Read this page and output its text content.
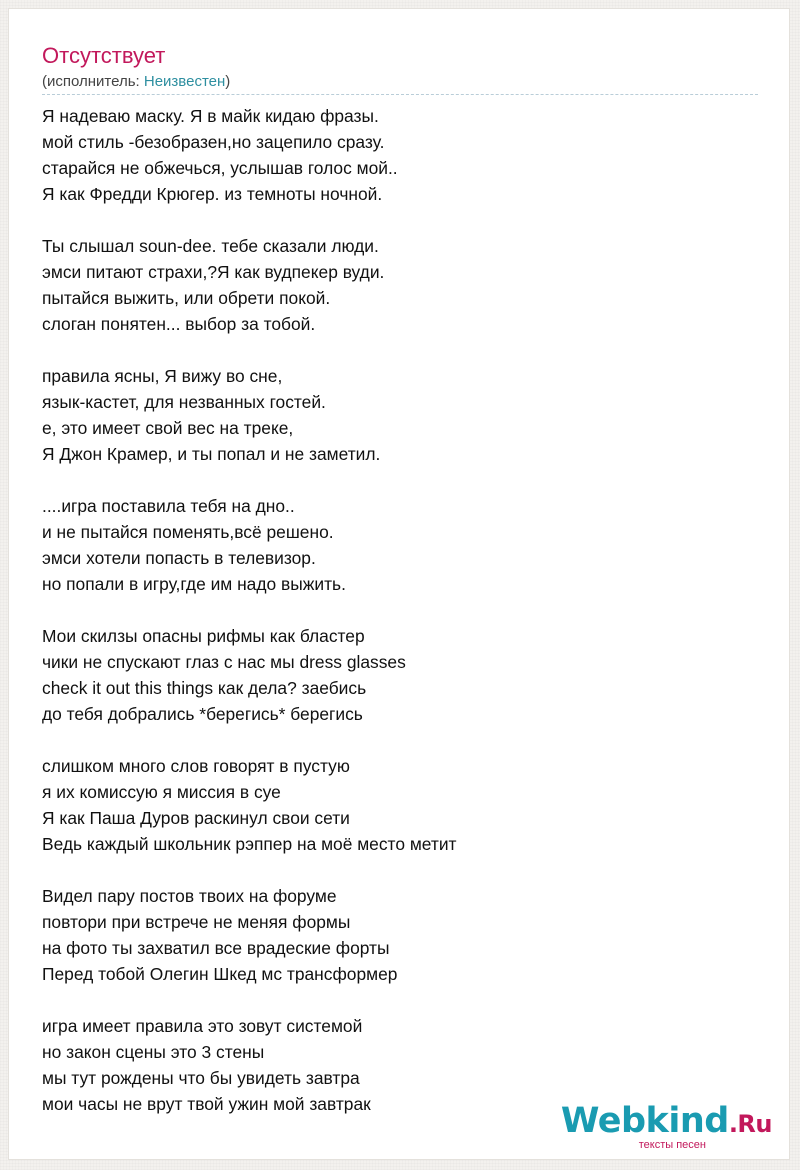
Отсутствует
(исполнитель: Неизвестен)
Я надеваю маску. Я в майк кидаю фразы.
мой стиль -безобразен,но зацепило сразу.
старайся не обжечься, услышав голос мой..
Я как Фредди Крюгер. из темноты ночной.
Ты слышал soun-dee. тебе сказали люди.
эмси питают страхи,?Я как вудпекер вуди.
пытайся выжить, или обрети покой.
слоган понятен... выбор за тобой.
правила ясны, Я вижу во сне,
язык-кастет, для незванных гостей.
е, это имеет свой вес на треке,
Я Джон Крамер, и ты попал и не заметил.
....игра поставила тебя на дно..
и не пытайся поменять,всё решено.
эмси хотели попасть в телевизор.
но попали в игру,где им надо выжить.
Мои скилзы опасны рифмы как бластер
чики не спускают глаз с нас мы dress glasses
check it out this things как дела? заебись
до тебя добрались *берегись* берегись
слишком много слов говорят в пустую
я их комиссую я миссия в суе
Я как Паша Дуров раскинул свои сети
Ведь каждый школьник рэппер на моё место метит
Видел пару постов твоих на форуме
повтори при встрече не меняя формы
на фото ты захватил все врадеские форты
Перед тобой Олегин Шкед мс трансформер
игра имеет правила это зовут системой
но закон сцены это 3 стены
мы тут рождены что бы увидеть завтра
мои часы не врут твой ужин мой завтрак	Webkind.Ru
тексты песен
